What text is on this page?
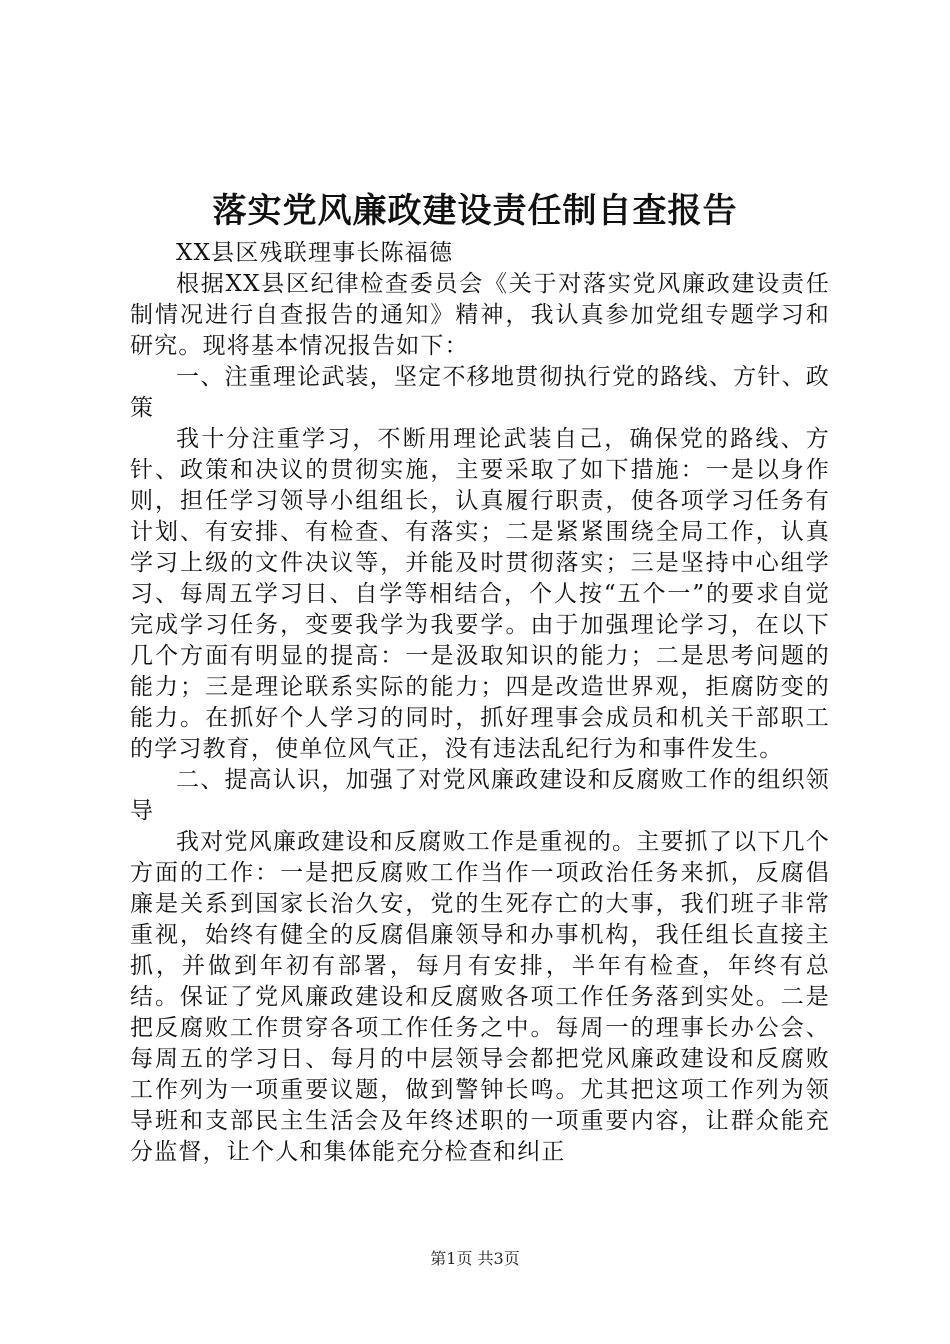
落实党风廉政建设责任制自查报告

XX县区残联理事长陈福德

根据XX县区纪律检查委员会《关于对落实党风廉政建设责任制情况进行自查报告的通知》精神，我认真参加党组专题学习和研究。现将基本情况报告如下：

一、注重理论武装，坚定不移地贯彻执行党的路线、方针、政策

我十分注重学习，不断用理论武装自己，确保党的路线、方针、政策和决议的贯彻实施，主要采取了如下措施：一是以身作则，担任学习领导小组组长，认真履行职责，使各项学习任务有计划、有安排、有检查、有落实；二是紧紧围绕全局工作，认真学习上级的文件决议等，并能及时贯彻落实；三是坚持中心组学习、每周五学习日、自学等相结合，个人按“五个一”的要求自觉完成学习任务，变要我学为我要学。由于加强理论学习，在以下几个方面有明显的提高：一是汲取知识的能力；二是思考问题的能力；三是理论联系实际的能力；四是改造世界观，拒腐防变的能力。在抓好个人学习的同时，抓好理事会成员和机关干部职工的学习教育，使单位风气正，没有违法乱纪行为和事件发生。

二、提高认识，加强了对党风廉政建设和反腐败工作的组织领导

我对党风廉政建设和反腐败工作是重视的。主要抓了以下几个方面的工作：一是把反腐败工作当作一项政治任务来抓，反腐倡廉是关系到国家长治久安，党的生死存亡的大事，我们班子非常重视，始终有健全的反腐倡廉领导和办事机构，我任组长直接主抓，并做到年初有部署，每月有安排，半年有检查，年终有总结。保证了党风廉政建设和反腐败各项工作任务落到实处。二是把反腐败工作贯穿各项工作任务之中。每周一的理事长办公会、每周五的学习日、每月的中层领导会都把党风廉政建设和反腐败工作列为一项重要议题，做到警钟长鸣。尤其把这项工作列为领导班和支部民主生活会及年终述职的一项重要内容，让群众能充分监督，让个人和集体能充分检查和纠正

第1页 共3页
